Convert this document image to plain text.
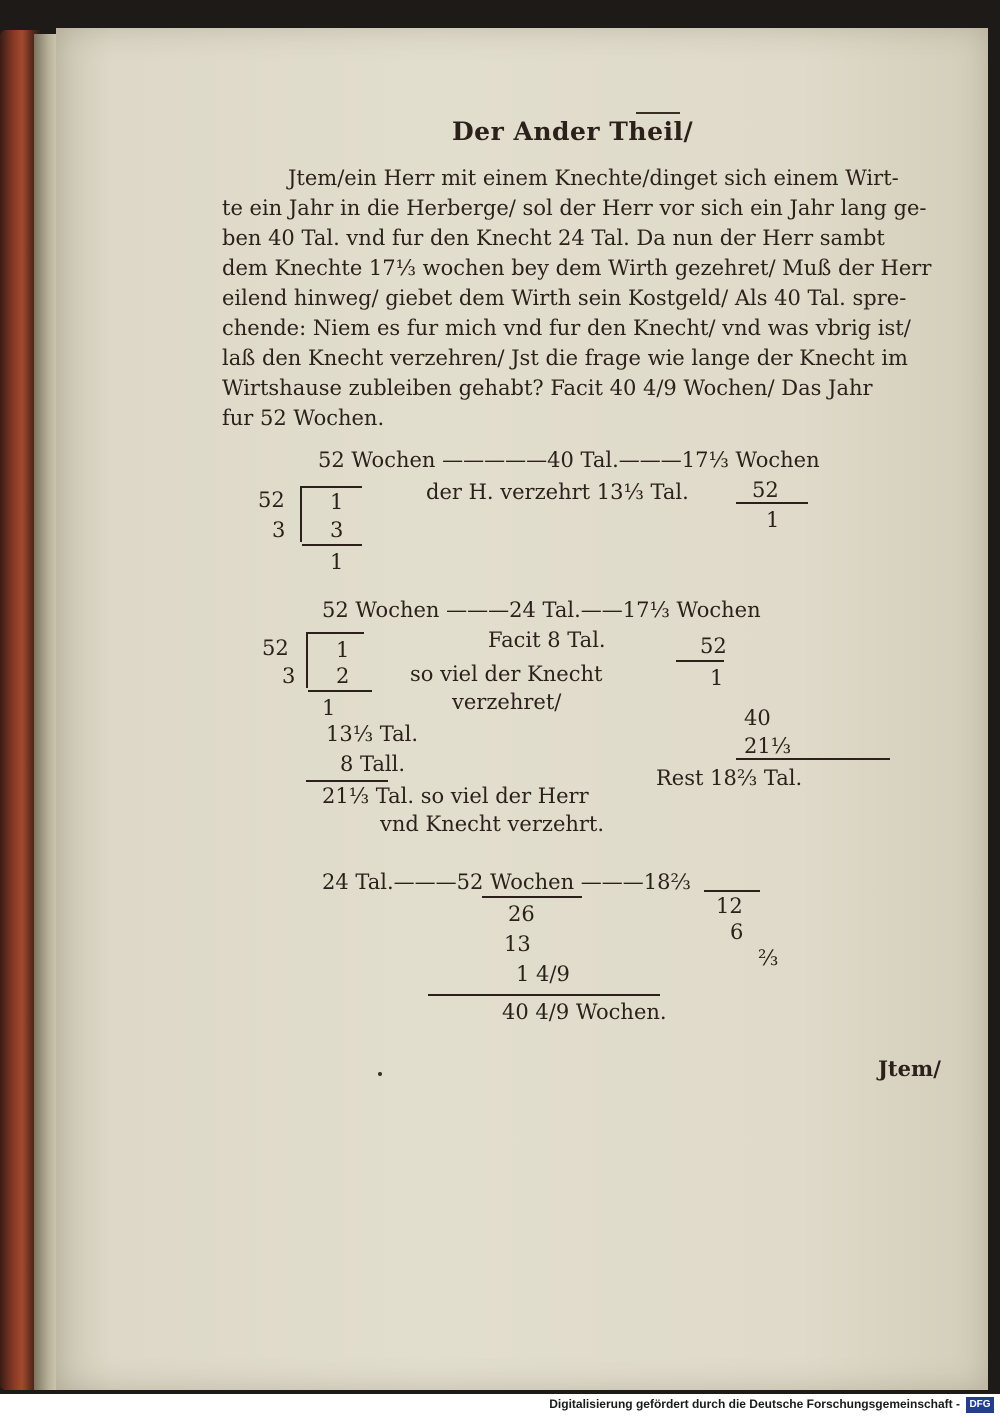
Der Ander Theil/
Jtem/ein Herr mit einem Knechte/dinget sich einem Wirt-
te ein Jahr in die Herberge/ sol der Herr vor sich ein Jahr lang ge-
ben 40 Tal. vnd fur den Knecht 24 Tal. Da nun der Herr sambt
dem Knechte 17⅓ wochen bey dem Wirth gezehret/ Muß der Herr
eilend hinweg/ giebet dem Wirth sein Kostgeld/ Als 40 Tal. spre-
chende: Niem es fur mich vnd fur den Knecht/ vnd was vbrig ist/
laß den Knecht verzehren/ Jst die frage wie lange der Knecht im
Wirtshause zubleiben gehabt? Facit 40 4/9 Wochen/ Das Jahr
fur 52 Wochen.
52 Wochen —————40 Tal.———17⅓ Wochen
der H. verzehrt 13⅓ Tal.
52
3
1
3
1
52
1
52 Wochen ———24 Tal.——17⅓ Wochen
Facit 8 Tal.
52
3
1
2
1
so viel der Knecht
verzehret/
52
1
13⅓ Tal.
8 Tall.
21⅓ Tal. so viel der Herr
vnd Knecht verzehrt.
40
21⅓
Rest 18⅔ Tal.
24 Tal.———52 Wochen ———18⅔
26
13
1 4/9
40 4/9 Wochen.
12
6
⅔
Jtem/
Digitalisierung gefördert durch die Deutsche Forschungsgemeinschaft - DFG
